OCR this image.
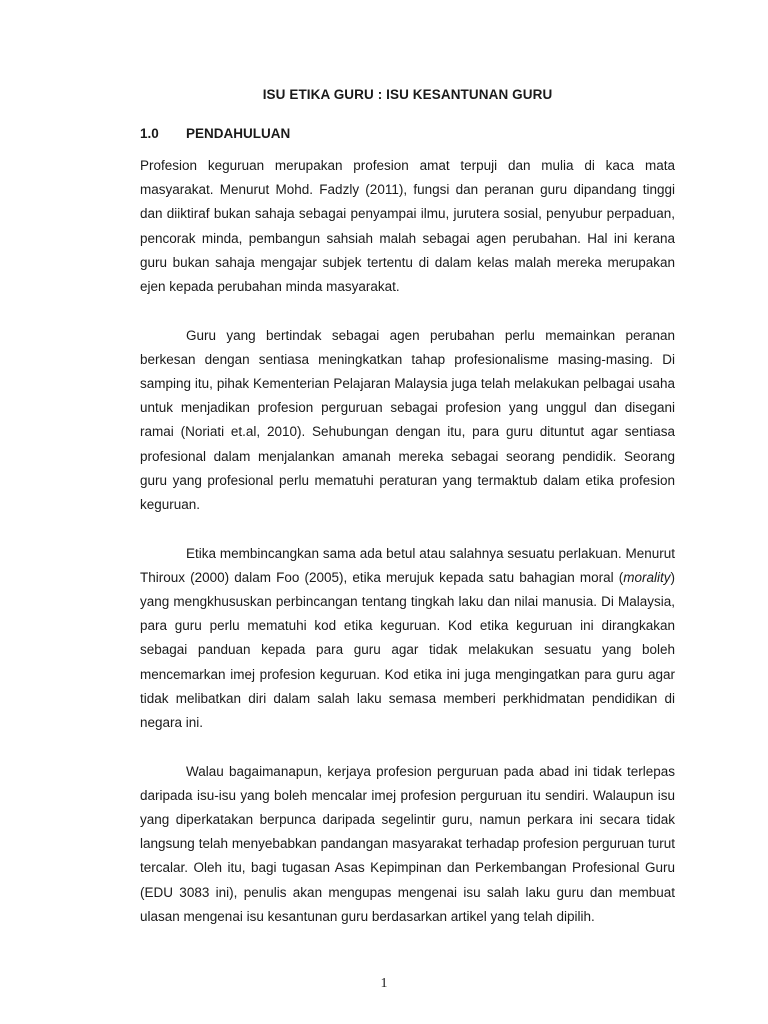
ISU ETIKA GURU : ISU KESANTUNAN GURU
1.0 PENDAHULUAN

Profesion keguruan merupakan profesion amat terpuji dan mulia di kaca mata masyarakat. Menurut Mohd. Fadzly (2011), fungsi dan peranan guru dipandang tinggi dan diiktiraf bukan sahaja sebagai penyampai ilmu, jurutera sosial, penyubur perpaduan, pencorak minda, pembangun sahsiah malah sebagai agen perubahan. Hal ini kerana guru bukan sahaja mengajar subjek tertentu di dalam kelas malah mereka merupakan ejen kepada perubahan minda masyarakat.

Guru yang bertindak sebagai agen perubahan perlu memainkan peranan berkesan dengan sentiasa meningkatkan tahap profesionalisme masing-masing. Di samping itu, pihak Kementerian Pelajaran Malaysia juga telah melakukan pelbagai usaha untuk menjadikan profesion perguruan sebagai profesion yang unggul dan disegani ramai (Noriati et.al, 2010). Sehubungan dengan itu, para guru dituntut agar sentiasa profesional dalam menjalankan amanah mereka sebagai seorang pendidik. Seorang guru yang profesional perlu mematuhi peraturan yang termaktub dalam etika profesion keguruan.

Etika membincangkan sama ada betul atau salahnya sesuatu perlakuan. Menurut Thiroux (2000) dalam Foo (2005), etika merujuk kepada satu bahagian moral (morality) yang mengkhususkan perbincangan tentang tingkah laku dan nilai manusia. Di Malaysia, para guru perlu mematuhi kod etika keguruan. Kod etika keguruan ini dirangkakan sebagai panduan kepada para guru agar tidak melakukan sesuatu yang boleh mencemarkan imej profesion keguruan. Kod etika ini juga mengingatkan para guru agar tidak melibatkan diri dalam salah laku semasa memberi perkhidmatan pendidikan di negara ini.

Walau bagaimanapun, kerjaya profesion perguruan pada abad ini tidak terlepas daripada isu-isu yang boleh mencalar imej profesion perguruan itu sendiri. Walaupun isu yang diperkatakan berpunca daripada segelintir guru, namun perkara ini secara tidak langsung telah menyebabkan pandangan masyarakat terhadap profesion perguruan turut tercalar. Oleh itu, bagi tugasan Asas Kepimpinan dan Perkembangan Profesional Guru (EDU 3083 ini), penulis akan mengupas mengenai isu salah laku guru dan membuat ulasan mengenai isu kesantunan guru berdasarkan artikel yang telah dipilih.

1
